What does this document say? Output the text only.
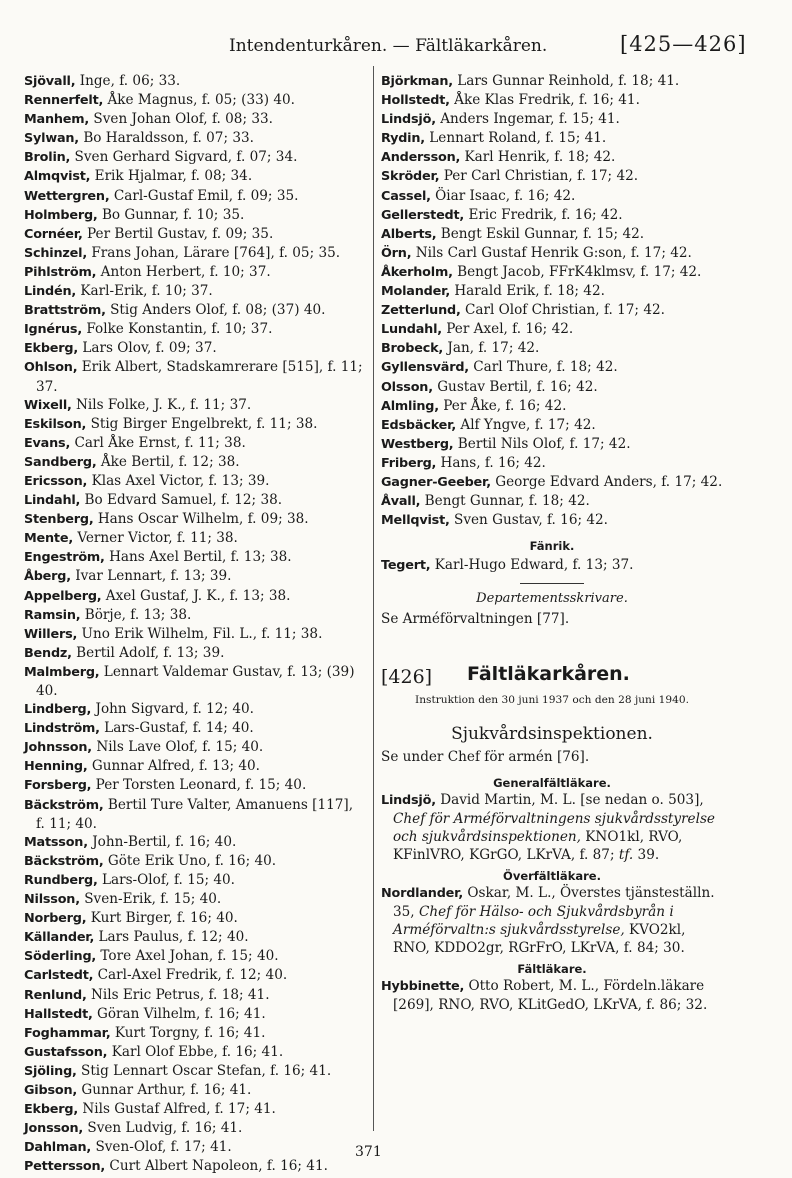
Intendenturkåren. — Fältläkarkåren.	[425—426]
Sjövall, Inge, f. 06; 33.
Rennerfelt, Åke Magnus, f. 05; (33) 40.
Manhem, Sven Johan Olof, f. 08; 33.
Sylwan, Bo Haraldsson, f. 07; 33.
Brolin, Sven Gerhard Sigvard, f. 07; 34.
Almqvist, Erik Hjalmar, f. 08; 34.
Wettergren, Carl-Gustaf Emil, f. 09; 35.
Holmberg, Bo Gunnar, f. 10; 35.
Cornéer, Per Bertil Gustav, f. 09; 35.
Schinzel, Frans Johan, Lärare [764], f. 05; 35.
Pihlström, Anton Herbert, f. 10; 37.
Lindén, Karl-Erik, f. 10; 37.
Brattström, Stig Anders Olof, f. 08; (37) 40.
Ignérus, Folke Konstantin, f. 10; 37.
Ekberg, Lars Olov, f. 09; 37.
Ohlson, Erik Albert, Stadskamrerare [515], f. 11; 37.
Wixell, Nils Folke, J. K., f. 11; 37.
Eskilson, Stig Birger Engelbrekt, f. 11; 38.
Evans, Carl Åke Ernst, f. 11; 38.
Sandberg, Åke Bertil, f. 12; 38.
Ericsson, Klas Axel Victor, f. 13; 39.
Lindahl, Bo Edvard Samuel, f. 12; 38.
Stenberg, Hans Oscar Wilhelm, f. 09; 38.
Mente, Verner Victor, f. 11; 38.
Engeström, Hans Axel Bertil, f. 13; 38.
Åberg, Ivar Lennart, f. 13; 39.
Appelberg, Axel Gustaf, J. K., f. 13; 38.
Ramsin, Börje, f. 13; 38.
Willers, Uno Erik Wilhelm, Fil. L., f. 11; 38.
Bendz, Bertil Adolf, f. 13; 39.
Malmberg, Lennart Valdemar Gustav, f. 13; (39) 40.
Lindberg, John Sigvard, f. 12; 40.
Lindström, Lars-Gustaf, f. 14; 40.
Johnsson, Nils Lave Olof, f. 15; 40.
Henning, Gunnar Alfred, f. 13; 40.
Forsberg, Per Torsten Leonard, f. 15; 40.
Bäckström, Bertil Ture Valter, Amanuens [117], f. 11; 40.
Matsson, John-Bertil, f. 16; 40.
Bäckström, Göte Erik Uno, f. 16; 40.
Rundberg, Lars-Olof, f. 15; 40.
Nilsson, Sven-Erik, f. 15; 40.
Norberg, Kurt Birger, f. 16; 40.
Källander, Lars Paulus, f. 12; 40.
Söderling, Tore Axel Johan, f. 15; 40.
Carlstedt, Carl-Axel Fredrik, f. 12; 40.
Renlund, Nils Eric Petrus, f. 18; 41.
Hallstedt, Göran Vilhelm, f. 16; 41.
Foghammar, Kurt Torgny, f. 16; 41.
Gustafsson, Karl Olof Ebbe, f. 16; 41.
Sjöling, Stig Lennart Oscar Stefan, f. 16; 41.
Gibson, Gunnar Arthur, f. 16; 41.
Ekberg, Nils Gustaf Alfred, f. 17; 41.
Jonsson, Sven Ludvig, f. 16; 41.
Dahlman, Sven-Olof, f. 17; 41.
Pettersson, Curt Albert Napoleon, f. 16; 41.
Björkman, Lars Gunnar Reinhold, f. 18; 41.
Hollstedt, Åke Klas Fredrik, f. 16; 41.
Lindsjö, Anders Ingemar, f. 15; 41.
Rydin, Lennart Roland, f. 15; 41.
Andersson, Karl Henrik, f. 18; 42.
Skröder, Per Carl Christian, f. 17; 42.
Cassel, Öiar Isaac, f. 16; 42.
Gellerstedt, Eric Fredrik, f. 16; 42.
Alberts, Bengt Eskil Gunnar, f. 15; 42.
Örn, Nils Carl Gustaf Henrik G:son, f. 17; 42.
Åkerholm, Bengt Jacob, FFrK4klmsv, f. 17; 42.
Molander, Harald Erik, f. 18; 42.
Zetterlund, Carl Olof Christian, f. 17; 42.
Lundahl, Per Axel, f. 16; 42.
Brobeck, Jan, f. 17; 42.
Gyllensvärd, Carl Thure, f. 18; 42.
Olsson, Gustav Bertil, f. 16; 42.
Almling, Per Åke, f. 16; 42.
Edsbäcker, Alf Yngve, f. 17; 42.
Westberg, Bertil Nils Olof, f. 17; 42.
Friberg, Hans, f. 16; 42.
Gagner-Geeber, George Edvard Anders, f. 17; 42.
Åvall, Bengt Gunnar, f. 18; 42.
Mellqvist, Sven Gustav, f. 16; 42.
Fänrik.
Tegert, Karl-Hugo Edward, f. 13; 37.
Departementsskrivare.
Se Arméförvaltningen [77].
[426] Fältläkarkåren.
Instruktion den 30 juni 1937 och den 28 juni 1940.
Sjukvårdsinspektionen.
Se under Chef för armén [76].
Generalfältläkare.
Lindsjö, David Martin, M. L. [se nedan o. 503], Chef för Arméförvaltningens sjukvårdsstyrelse och sjukvårdsinspektionen, KNO1kl, RVO, KFinlVRO, KGrGO, LKrVA, f. 87; tf. 39.
Överfältläkare.
Nordlander, Oskar, M. L., Överstes tjänsteställn. 35, Chef för Hälso- och Sjukvårdsbyrån i Arméförvaltn:s sjukvårdsstyrelse, KVO2kl, RNO, KDDO2gr, RGrFrO, LKrVA, f. 84; 30.
Fältläkare.
Hybbinette, Otto Robert, M. L., Fördeln.läkare [269], RNO, RVO, KLitGedO, LKrVA, f. 86; 32.
371
